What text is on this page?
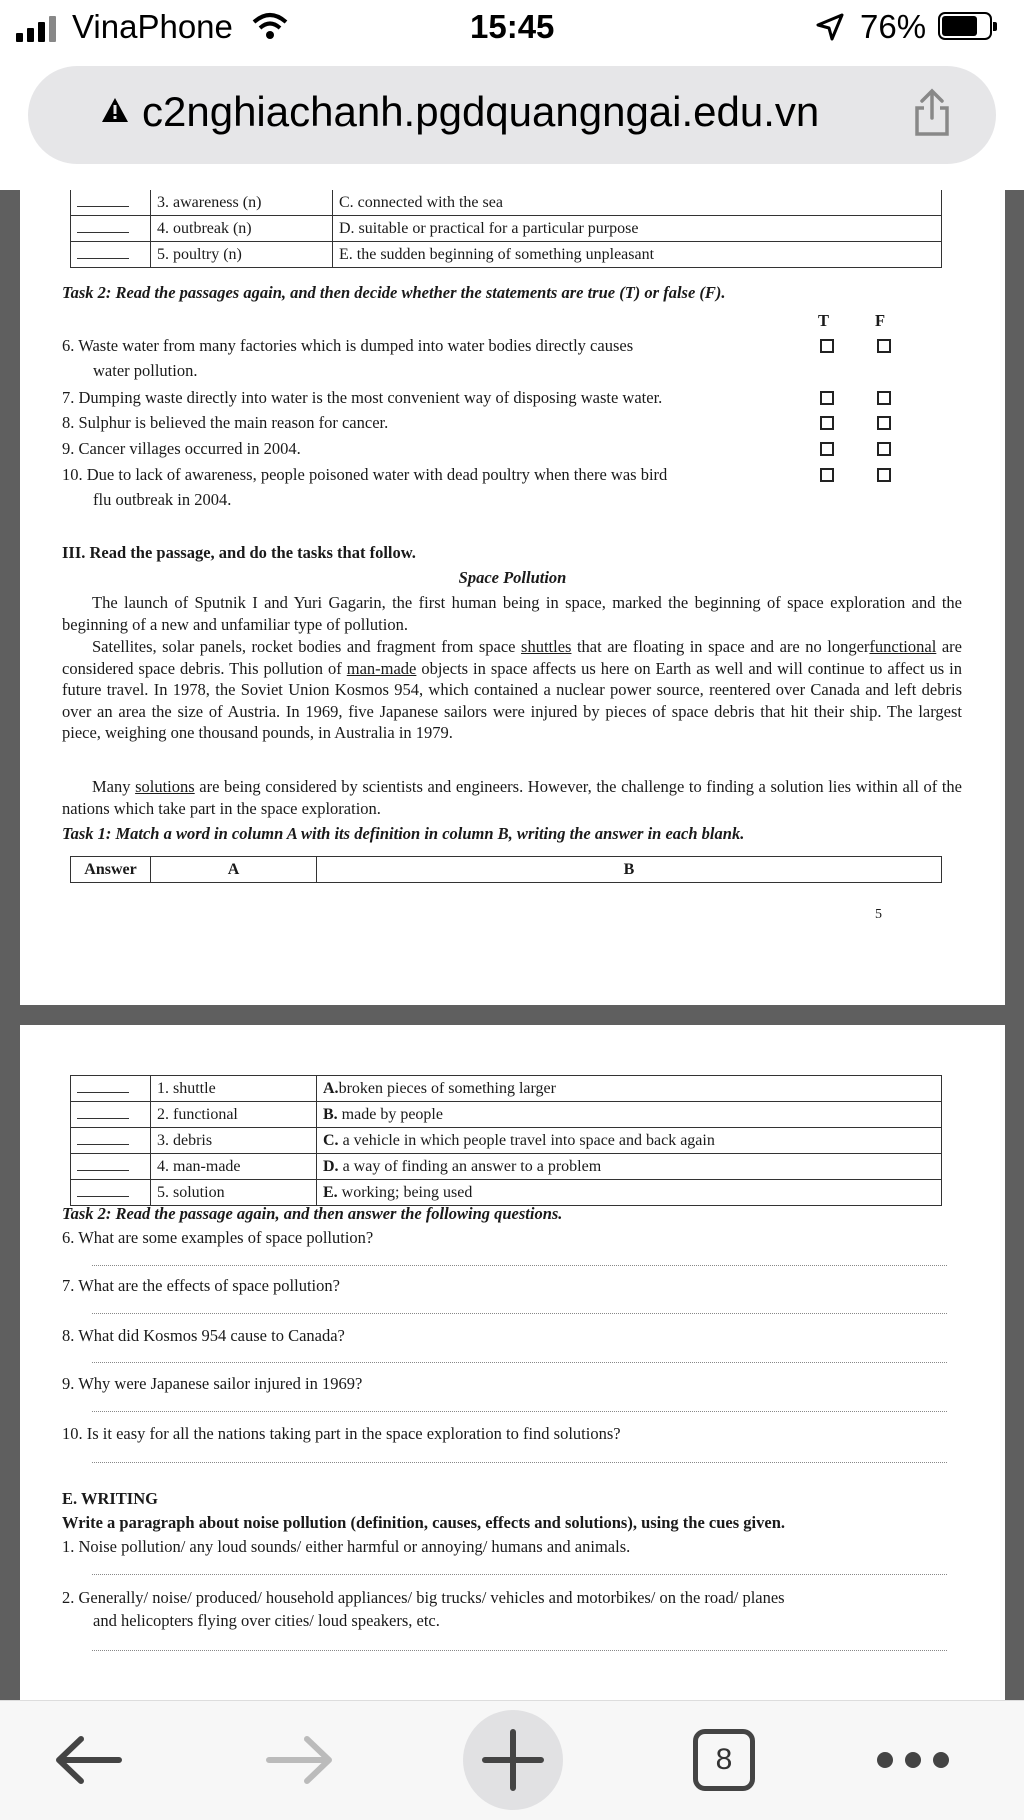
VinaPhone	15:45	76%
c2nghiachanh.pgdquangngai.edu.vn
	3. awareness (n)	C. connected with the sea
	4. outbreak (n)	D. suitable or practical for a particular purpose
	5. poultry (n)	E. the sudden beginning of something unpleasant
Task 2: Read the passages again, and then decide whether the statements are true (T) or false (F).
T	F
6. Waste water from many factories which is dumped into water bodies directly causes
water pollution.
7. Dumping waste directly into water is the most convenient way of disposing waste water.
8. Sulphur is believed the main reason for cancer.
9. Cancer villages occurred in 2004.
10. Due to lack of awareness, people poisoned water with dead poultry when there was bird
flu outbreak in 2004.
III. Read the passage, and do the tasks that follow.
Space Pollution
The launch of Sputnik I and Yuri Gagarin, the first human being in space, marked the beginning of space exploration and the beginning of a new and unfamiliar type of pollution.
Satellites, solar panels, rocket bodies and fragment from space shuttles that are floating in space and are no longerfunctional are considered space debris. This pollution of man-made objects in space affects us here on Earth as well and will continue to affect us in future travel. In 1978, the Soviet Union Kosmos 954, which contained a nuclear power source, reentered over Canada and left debris over an area the size of Austria. In 1969, five Japanese sailors were injured by pieces of space debris that hit their ship. The largest piece, weighing one thousand pounds, in Australia in 1979.
Many solutions are being considered by scientists and engineers. However, the challenge to finding a solution lies within all of the nations which take part in the space exploration.
Task 1: Match a word in column A with its definition in column B, writing the answer in each blank.
Answer	A	B
5
	1. shuttle	A.broken pieces of something larger
	2. functional	B. made by people
	3. debris	C. a vehicle in which people travel into space and back again
	4. man-made	D. a way of finding an answer to a problem
	5. solution	E. working; being used
Task 2: Read the passage again, and then answer the following questions.
6. What are some examples of space pollution?
7. What are the effects of space pollution?
8. What did Kosmos 954 cause to Canada?
9. Why were Japanese sailor injured in 1969?
10. Is it easy for all the nations taking part in the space exploration to find solutions?
E. WRITING
Write a paragraph about noise pollution (definition, causes, effects and solutions), using the cues given.
1. Noise pollution/ any loud sounds/ either harmful or annoying/ humans and animals.
2. Generally/ noise/ produced/ household appliances/ big trucks/ vehicles and motorbikes/ on the road/ planes
and helicopters flying over cities/ loud speakers, etc.
8
